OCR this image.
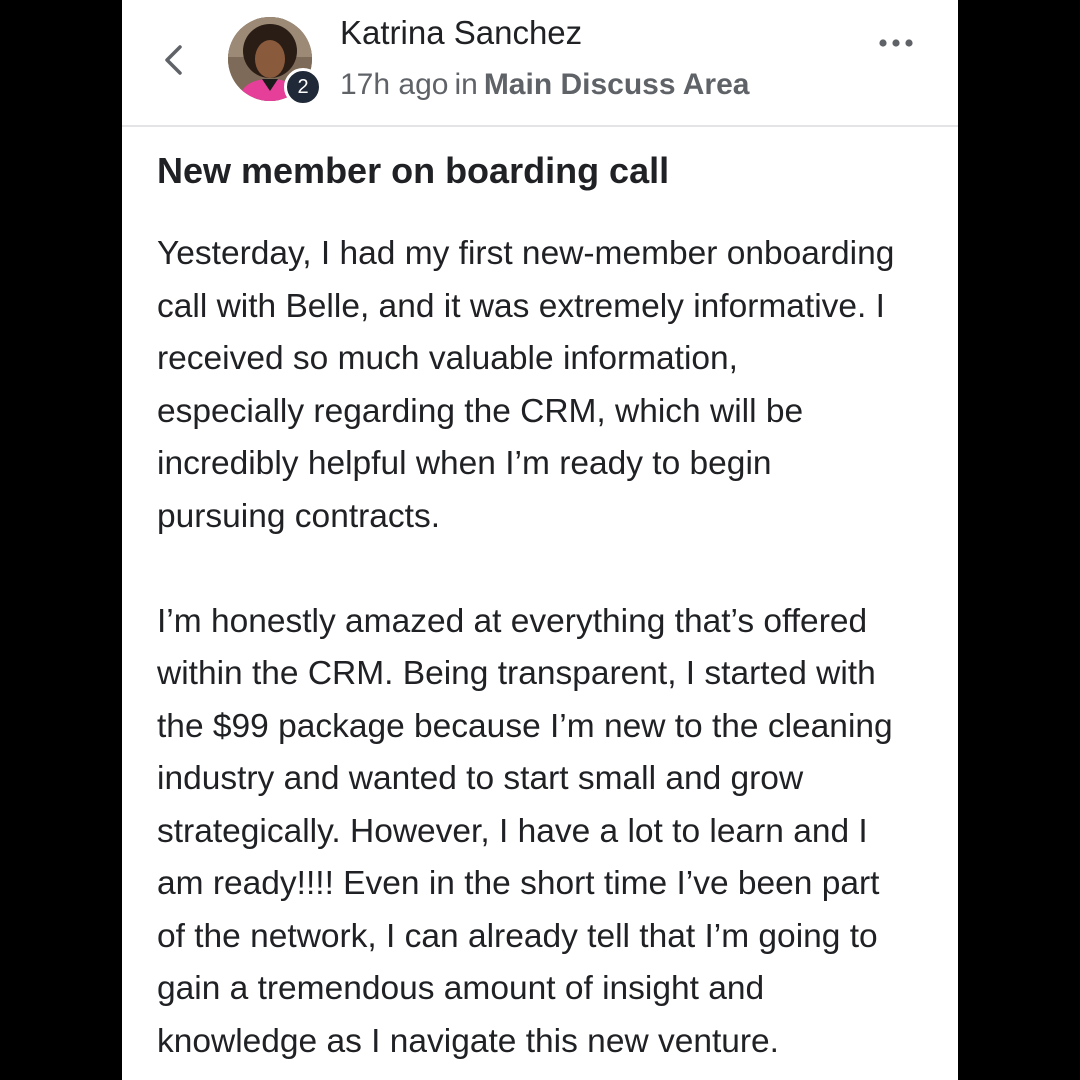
2
Katrina Sanchez
17h ago in Main Discuss Area
New member on boarding call

Yesterday, I had my first new-member onboarding
call with Belle, and it was extremely informative. I
received so much valuable information,
especially regarding the CRM, which will be
incredibly helpful when I’m ready to begin
pursuing contracts.

I’m honestly amazed at everything that’s offered
within the CRM. Being transparent, I started with
the $99 package because I’m new to the cleaning
industry and wanted to start small and grow
strategically. However, I have a lot to learn and I
am ready!!!! Even in the short time I’ve been part
of the network, I can already tell that I’m going to
gain a tremendous amount of insight and
knowledge as I navigate this new venture.
